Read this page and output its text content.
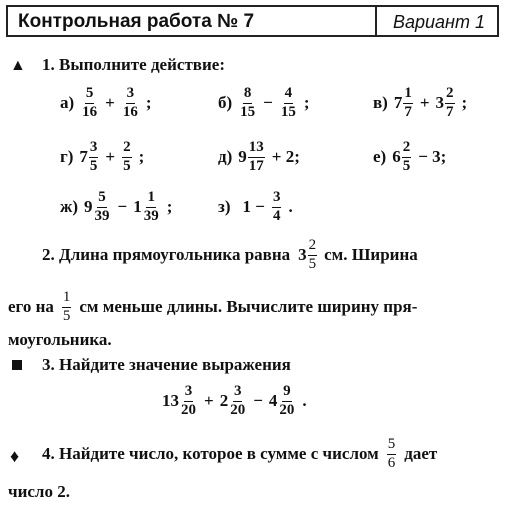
Контрольная работа № 7	Вариант 1
▲ 1. Выполните действие:
$а) \frac{5}{16} + \frac{3}{16}$ ;	$б) \frac{8}{15} - \frac{4}{15}$ ;	в) $7 \frac{1}{7} + 3 \frac{2}{7}$ ;
г) $7 \frac{3}{5} + \frac{2}{5}$ ;	д) $9 \frac{13}{17} + 2$;	е) $6 \frac{2}{5} - 3$;
ж) $9 \frac{5}{39} - 1 \frac{1}{39}$ ;	з) $1 - \frac{3}{4}$ .
2. Длина прямоугольника равна $3 \frac{2}{5}$ см. Ширина
его на $\frac{1}{5}$ см меньше длины. Вычислите ширину пря-
моугольника.
3. Найдите значение выражения
$13 \frac{3}{20} + 2 \frac{3}{20} - 4 \frac{9}{20}$ .
♦ 4. Найдите число, которое в сумме с числом $\frac{5}{6}$ дает
число 2.
